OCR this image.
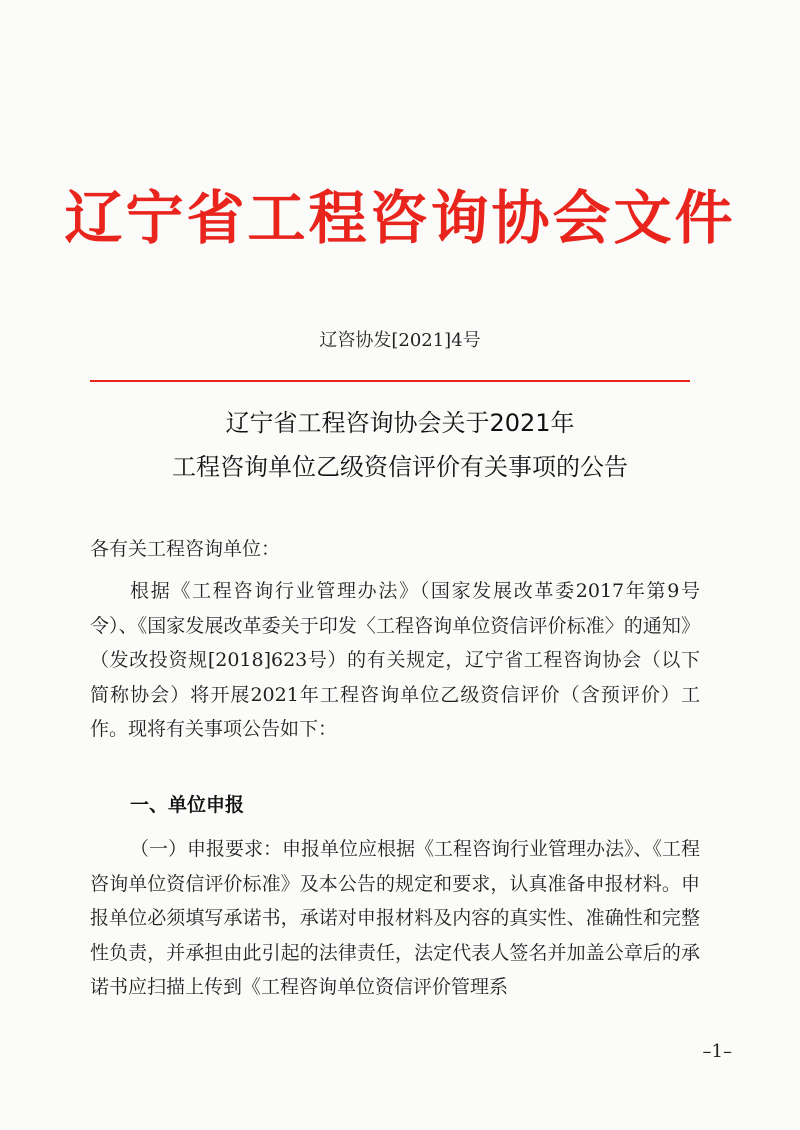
辽宁省工程咨询协会文件
辽咨协发[2021]4号
辽宁省工程咨询协会关于2021年
工程咨询单位乙级资信评价有关事项的公告
各有关工程咨询单位：
根据《工程咨询行业管理办法》（国家发展改革委2017年第9号令）、《国家发展改革委关于印发〈工程咨询单位资信评价标准〉的通知》（发改投资规[2018]623号）的有关规定，辽宁省工程咨询协会（以下简称协会）将开展2021年工程咨询单位乙级资信评价（含预评价）工作。现将有关事项公告如下：
一、单位申报
（一）申报要求：申报单位应根据《工程咨询行业管理办法》、《工程咨询单位资信评价标准》及本公告的规定和要求，认真准备申报材料。申报单位必须填写承诺书，承诺对申报材料及内容的真实性、准确性和完整性负责，并承担由此引起的法律责任，法定代表人签名并加盖公章后的承诺书应扫描上传到《工程咨询单位资信评价管理系
–1–
